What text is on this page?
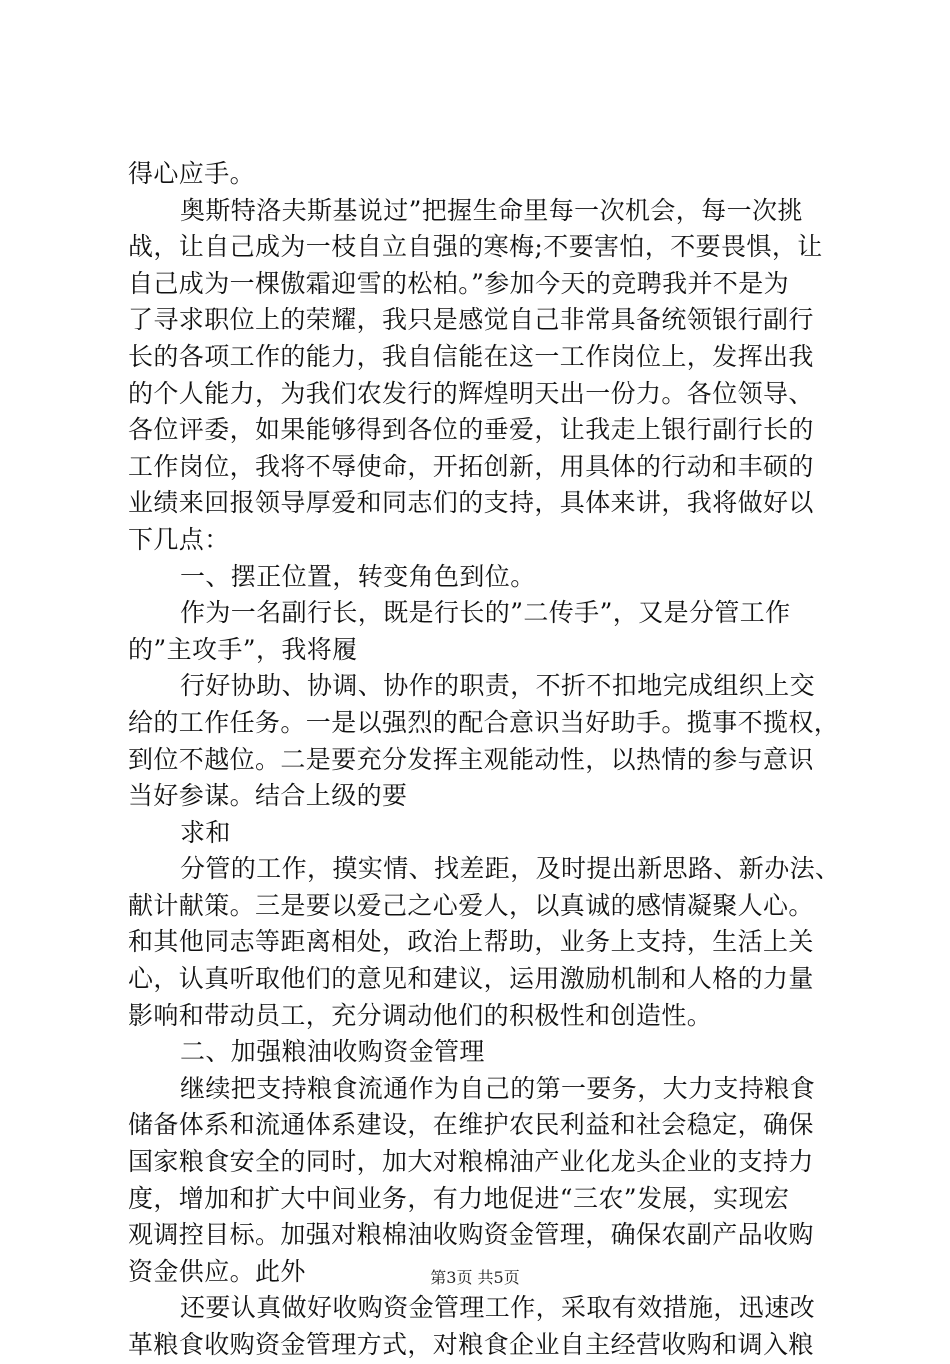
得心应手。
奥斯特洛夫斯基说过”把握生命里每一次机会，每一次挑
战，让自己成为一枝自立自强的寒梅;不要害怕，不要畏惧，让
自己成为一棵傲霜迎雪的松柏。”参加今天的竞聘我并不是为
了寻求职位上的荣耀，我只是感觉自己非常具备统领银行副行
长的各项工作的能力，我自信能在这一工作岗位上，发挥出我
的个人能力，为我们农发行的辉煌明天出一份力。各位领导、
各位评委，如果能够得到各位的垂爱，让我走上银行副行长的
工作岗位，我将不辱使命，开拓创新，用具体的行动和丰硕的
业绩来回报领导厚爱和同志们的支持，具体来讲，我将做好以
下几点：
一、摆正位置，转变角色到位。
作为一名副行长，既是行长的”二传手”，又是分管工作
的”主攻手”，我将履
行好协助、协调、协作的职责，不折不扣地完成组织上交
给的工作任务。一是以强烈的配合意识当好助手。揽事不揽权，
到位不越位。二是要充分发挥主观能动性，以热情的参与意识
当好参谋。结合上级的要
求和
分管的工作，摸实情、找差距，及时提出新思路、新办法、
献计献策。三是要以爱己之心爱人，以真诚的感情凝聚人心。
和其他同志等距离相处，政治上帮助，业务上支持，生活上关
心，认真听取他们的意见和建议，运用激励机制和人格的力量
影响和带动员工，充分调动他们的积极性和创造性。
二、加强粮油收购资金管理
继续把支持粮食流通作为自己的第一要务，大力支持粮食
储备体系和流通体系建设，在维护农民利益和社会稳定，确保
国家粮食安全的同时，加大对粮棉油产业化龙头企业的支持力
度，增加和扩大中间业务，有力地促进“三农”发展，实现宏
观调控目标。加强对粮棉油收购资金管理，确保农副产品收购
资金供应。此外
还要认真做好收购资金管理工作，采取有效措施，迅速改
革粮食收购资金管理方式，对粮食企业自主经营收购和调入粮
第3页 共5页
